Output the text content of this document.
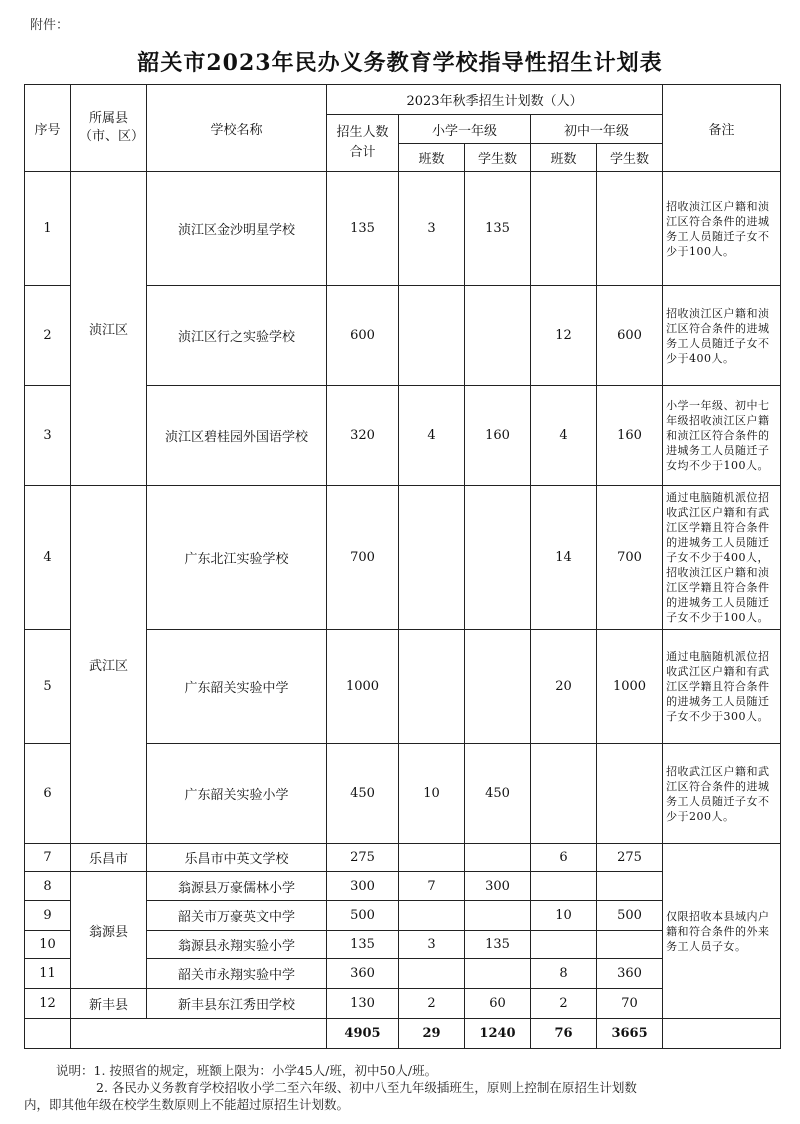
附件：
韶关市2023年民办义务教育学校指导性招生计划表
序号	所属县（市、区）	学校名称	2023年秋季招生计划数（人）					备注
			招生人数合计	小学一年级		初中一年级		
				班数	学生数	班数	学生数	
1	浈江区	浈江区金沙明星学校	135	3	135			招收浈江区户籍和浈江区符合条件的进城务工人员随迁子女不少于100人。
2		浈江区行之实验学校	600			12	600	招收浈江区户籍和浈江区符合条件的进城务工人员随迁子女不少于400人。
3		浈江区碧桂园外国语学校	320	4	160	4	160	小学一年级、初中七年级招收浈江区户籍和浈江区符合条件的进城务工人员随迁子女均不少于100人。
4	武江区	广东北江实验学校	700			14	700	通过电脑随机派位招收武江区户籍和有武江区学籍且符合条件的进城务工人员随迁子女不少于400人，招收浈江区户籍和浈江区学籍且符合条件的进城务工人员随迁子女不少于100人。
5		广东韶关实验中学	1000			20	1000	通过电脑随机派位招收武江区户籍和有武江区学籍且符合条件的进城务工人员随迁子女不少于300人。
6		广东韶关实验小学	450	10	450			招收武江区户籍和武江区符合条件的进城务工人员随迁子女不少于200人。
7	乐昌市	乐昌市中英文学校	275			6	275	仅限招收本县域内户籍和符合条件的外来务工人员子女。
8	翁源县	翁源县万豪儒林小学	300	7	300			
9		韶关市万豪英文中学	500			10	500	
10		翁源县永翔实验小学	135	3	135			
11		韶关市永翔实验中学	360			8	360	
12	新丰县	新丰县东江秀田学校	130	2	60	2	70	
			4905	29	1240	76	3665	
说明：1. 按照省的规定，班额上限为：小学45人/班，初中50人/班。
2. 各民办义务教育学校招收小学二至六年级、初中八至九年级插班生，原则上控制在原招生计划数
内，即其他年级在校学生数原则上不能超过原招生计划数。
